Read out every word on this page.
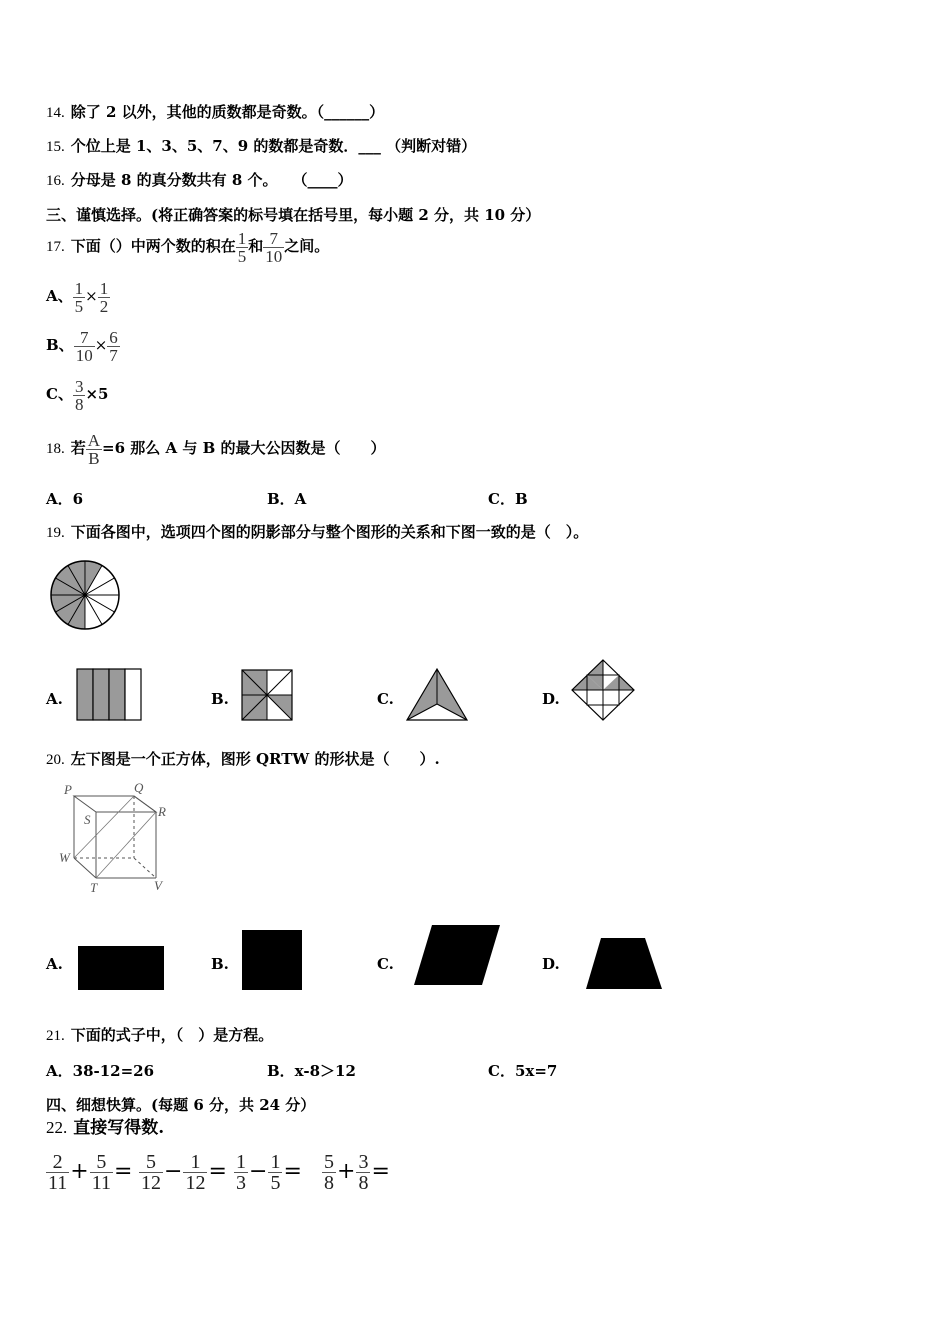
14. 除了 2 以外，其他的质数都是奇数。（______）
15. 个位上是 1、3、5、7、9 的数都是奇数．___ （判断对错）
16. 分母是 8 的真分数共有 8 个。　　（____）
三、谨慎选择。(将正确答案的标号填在括号里，每小题 2 分，共 10 分）
17. 下面（）中两个数的积在 $\frac{1}{5}$ 和 $\frac{7}{10}$ 之间。
A、 $\frac{1}{5} \times \frac{1}{2}$
B、 $\frac{7}{10} \times \frac{6}{7}$
C、 $\frac{3}{8} \times 5$
18. 若 $\frac{A}{B} =6$ 那么 A 与 B 的最大公因数是（　　）
A．6	B．A	C．B
19. 下面各图中，选项四个图的阴影部分与整个图形的关系和下图一致的是（　）。
A.	B.	C.	D.
20. 左下图是一个正方体，图形 QRTW 的形状是（　　）.
P	Q
R
S
W
T	V
A.	B.	C.	D.
21. 下面的式子中，（　）是方程。
A．38-12=26	B．x-8＞12	C．5x=7
四、细想快算。(每题 6 分，共 24 分）
22. 直接写得数.
$\frac{2}{11} + \frac{5}{11} = \frac{5}{12} - \frac{1}{12} = \frac{1}{3} - \frac{1}{5} = \frac{5}{8} + \frac{3}{8}$ =
